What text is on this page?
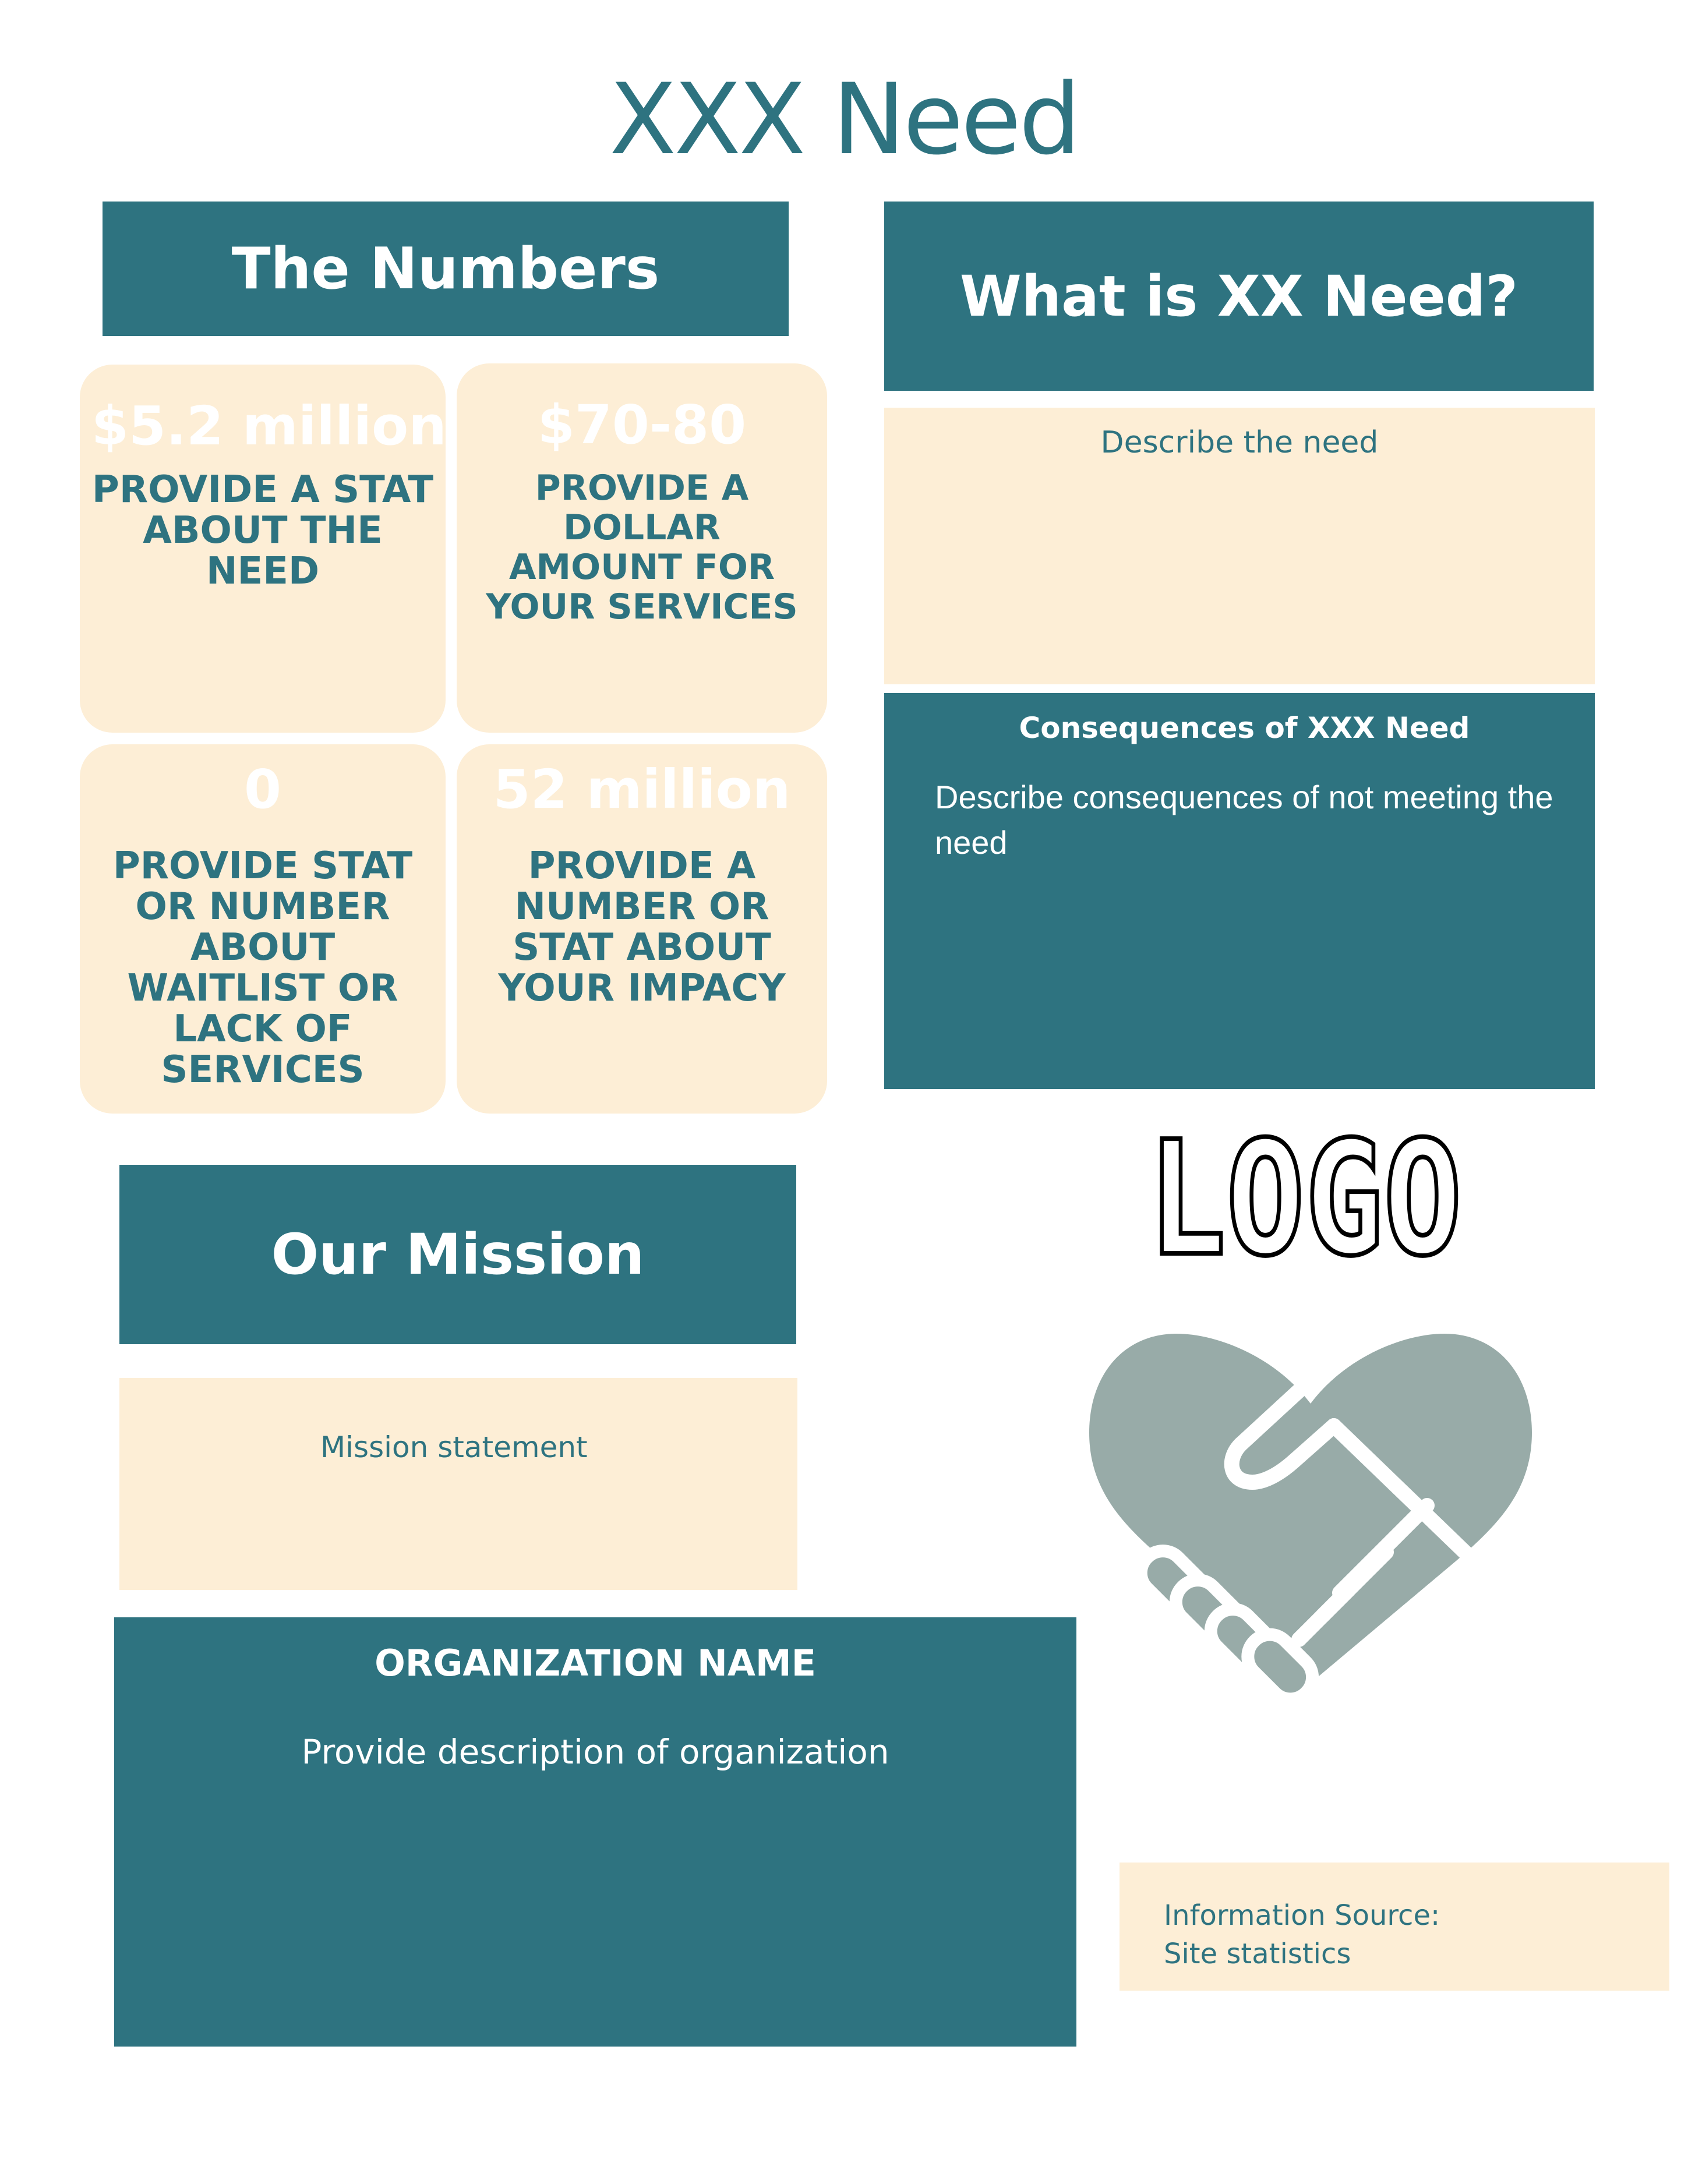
XXX Need
The Numbers
$5.2 million
PROVIDE A STAT ABOUT THE NEED
$70-80
PROVIDE A DOLLAR AMOUNT FOR YOUR SERVICES
0
PROVIDE STAT OR NUMBER ABOUT WAITLIST OR LACK OF SERVICES
52 million
PROVIDE A NUMBER OR STAT ABOUT YOUR IMPACY
What is XX Need?
Describe the need
Consequences of XXX Need
Describe consequences of not meeting the need
LOGO
Our Mission
Mission statement
ORGANIZATION NAME
Provide description of organization
Information Source:
Site statistics
